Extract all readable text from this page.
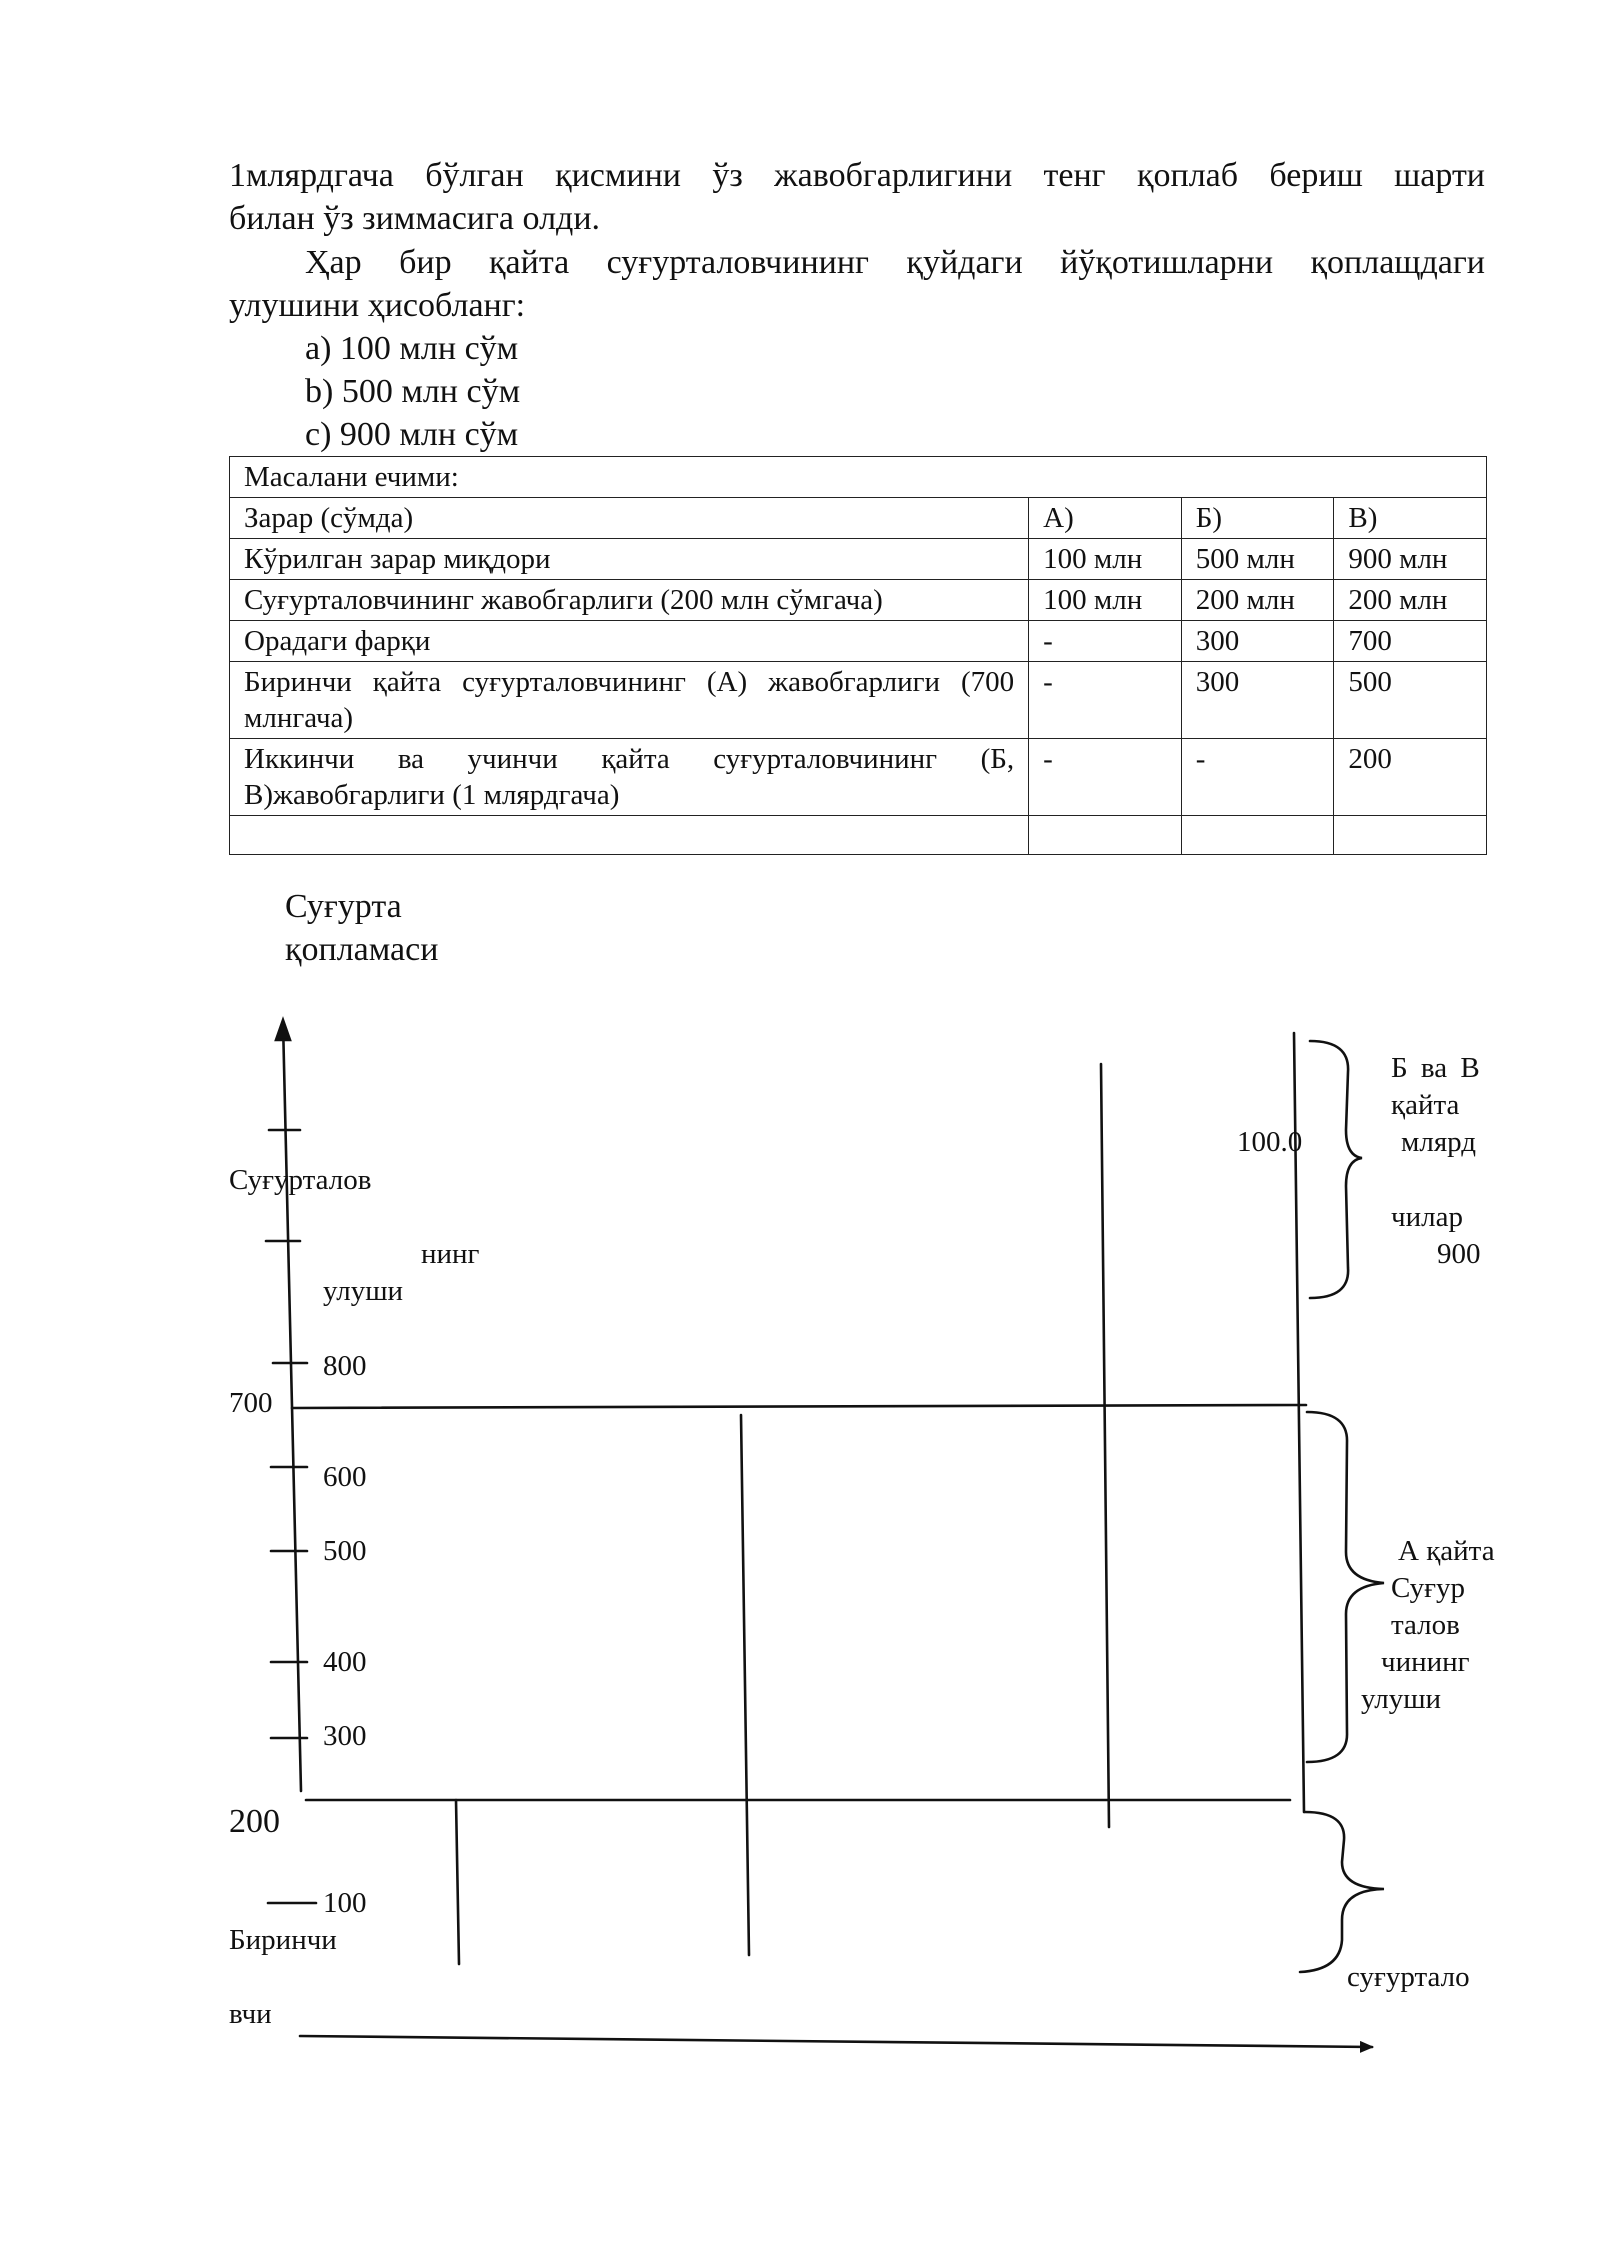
1млярдгача бўлган қисмини ўз жавобгарлигини тенг қоплаб бериш шарти
билан ўз зиммасига олди.
Ҳар бир қайта суғурталовчининг қуйдаги йўқотишларни қоплащдаги
улушини ҳисобланг:
a) 100 млн сўм
b) 500 млн сўм
c) 900 млн сўм
Масалани ечими:			
Зарар (сўмда)	А)	Б)	В)
Кўрилган зарар миқдори	100 млн	500 млн	900 млн
Суғурталовчининг жавобгарлиги (200 млн сўмгача)	100 млн	200 млн	200 млн
Орадаги фарқи	-	300	700
Биринчи қайта суғурталовчининг (А) жавобгарлиги (700 млнгача)	-	300	500
Иккинчи ва учинчи қайта суғурталовчининг (Б, В)жавобгарлиги (1 млярдгача)	-	-	200

Суғурта
қопламаси
Суғурталов
нинг
улуши
800
700
600
500
400
300
200
100
Биринчи
вчи
100.0
Б ва В
қайта
млярд
чилар
900
А қайта
Суғур
талов
чининг
улуши
суғуртало
